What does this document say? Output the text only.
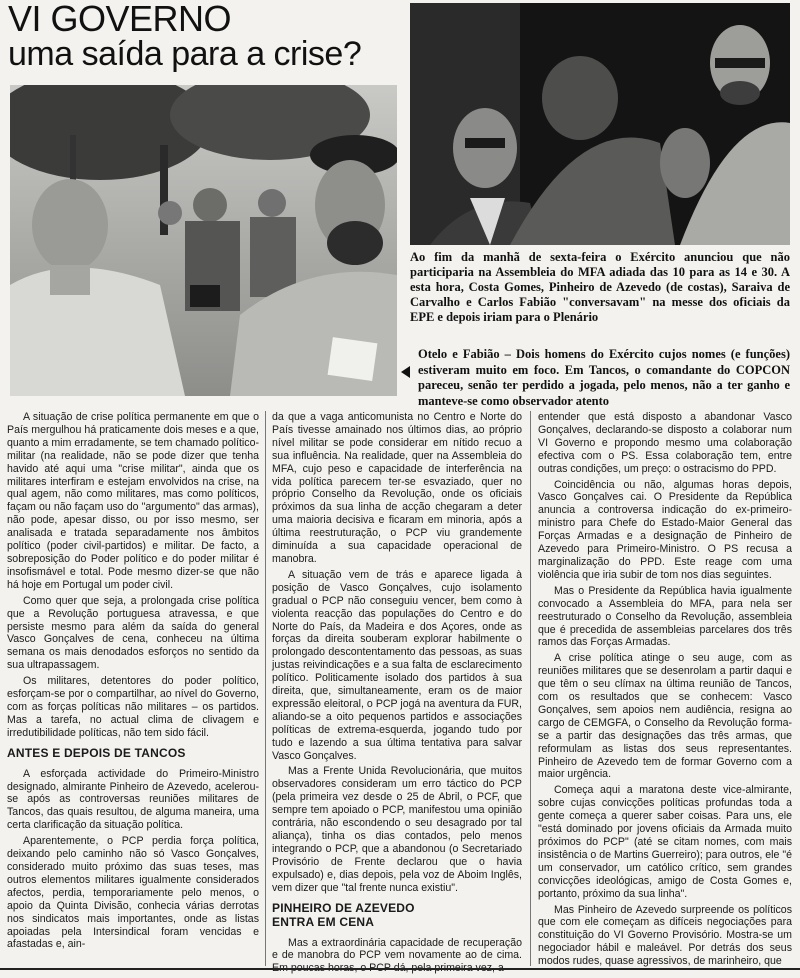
VI GOVERNO
uma saída para a crise?
Ao fim da manhã de sexta-feira o Exército anunciou que não participaria na Assembleia do MFA adiada das 10 para as 14 e 30. A esta hora, Costa Gomes, Pinheiro de Azevedo (de costas), Saraiva de Carvalho e Carlos Fabião "conversavam" na messe dos oficiais da EPE e depois iriam para o Plenário
Otelo e Fabião – Dois homens do Exército cujos nomes (e funções) estiveram muito em foco. Em Tancos, o comandante do COPCON pareceu, senão ter perdido a jogada, pelo menos, não a ter ganho e manteve-se como observador atento

A situação de crise política permanente em que o País mergulhou há praticamente dois meses e a que, quanto a mim erradamente, se tem chamado político-militar (na realidade, não se pode dizer que tenha havido até aqui uma "crise militar", ainda que os militares interfiram e estejam envolvidos na crise, na qual agem, não como militares, mas como políticos, façam ou não façam uso do "argumento" das armas), não pode, apesar disso, ou por isso mesmo, ser analisada e tratada separadamente nos âmbitos político (poder civil-partidos) e militar. De facto, a sobreposição do Poder político e do poder militar é insofismável e total. Pode mesmo dizer-se que não há hoje em Portugal um poder civil.

Como quer que seja, a prolongada crise política que a Revolução portuguesa atravessa, e que persiste mesmo para além da saída do general Vasco Gonçalves de cena, conheceu na última semana os mais denodados esforços no sentido da sua ultrapassagem.

Os militares, detentores do poder político, esforçam-se por o compartilhar, ao nível do Governo, com as forças políticas não militares – os partidos. Mas a tarefa, no actual clima de clivagem e irredutibilidade políticas, não tem sido fácil.

ANTES E DEPOIS DE TANCOS

A esforçada actividade do Primeiro-Ministro designado, almirante Pinheiro de Azevedo, acelerou-se após as controversas reuniões militares de Tancos, das quais resultou, de alguma maneira, uma certa clarificação da situação política.

Aparentemente, o PCP perdia força política, deixando pelo caminho não só Vasco Gonçalves, considerado muito próximo das suas teses, mas outros elementos militares igualmente considerados afectos, perdia, temporariamente pelo menos, o apoio da Quinta Divisão, conhecia várias derrotas nos sindicatos mais importantes, onde as listas apoiadas pela Intersindical foram vencidas e afastadas e, ain-

da que a vaga anticomunista no Centro e Norte do País tivesse amainado nos últimos dias, ao próprio nível militar se pode considerar em nítido recuo a sua influência. Na realidade, quer na Assembleia do MFA, cujo peso e capacidade de interferência na vida política parecem ter-se esvaziado, quer no próprio Conselho da Revolução, onde os oficiais próximos da sua linha de acção chegaram a deter uma maioria decisiva e ficaram em minoria, após a última reestruturação, o PCP viu grandemente diminuída a sua capacidade operacional de manobra.

A situação vem de trás e aparece ligada à posição de Vasco Gonçalves, cujo isolamento gradual o PCP não conseguiu vencer, bem como à violenta reacção das populações do Centro e do Norte do País, da Madeira e dos Açores, onde as forças da direita souberam explorar habilmente o prolongado descontentamento das pessoas, as suas justas reivindicações e a sua falta de esclarecimento político. Politicamente isolado dos partidos à sua direita, que, simultaneamente, eram os de maior expressão eleitoral, o PCP jogá na aventura da FUR, aliando-se a oito pequenos partidos e associações políticas de extrema-esquerda, jogando tudo por tudo e lazendo a sua última tentativa para salvar Vasco Gonçalves.

Mas a Frente Unida Revolucionária, que muitos observadores consideram um erro táctico do PCP (pela primeira vez desde o 25 de Abril, o PCF, que sempre tem apoiado o PCP, manifestou uma opinião contrária, não escondendo o seu desagrado por tal aliança), tinha os dias contados, pelo menos integrando o PCP, que a abandonou (o Secretariado Provisório de Frente declarou que o havia expulsado) e, dias depois, pela voz de Aboim Inglês, vem dizer que "tal frente nunca existiu".

PINHEIRO DE AZEVEDO
ENTRA EM CENA

Mas a extraordinária capacidade de recuperação e de manobra do PCP vem novamente ao de cima.

entender que está disposto a abandonar Vasco Gonçalves, declarando-se disposto a colaborar num VI Governo e propondo mesmo uma colaboração efectiva com o PS. Essa colaboração tem, entre outras condições, um preço: o ostracismo do PPD.

Coincidência ou não, algumas horas depois, Vasco Gonçalves cai. O Presidente da República anuncia a controversa indicação do ex-primeiro-ministro para Chefe do Estado-Maior General das Forças Armadas e a designação de Pinheiro de Azevedo para Primeiro-Ministro. O PS recusa a marginalização do PPD. Este reage com uma violência que iria subir de tom nos dias seguintes.

Mas o Presidente da República havia igualmente convocado a Assembleia do MFA, para nela ser reestruturado o Conselho da Revolução, assembleia que é precedida de assembleias parcelares dos três ramos das Forças Armadas.

A crise política atinge o seu auge, com as reuniões militares que se desenrolam a partir daqui e que têm o seu clímax na última reunião de Tancos, com os resultados que se conhecem: Vasco Gonçalves, sem apoios nem audiência, resigna ao cargo de CEMGFA, o Conselho da Revolução forma-se a partir das designações das três armas, que reformulam as listas dos seus representantes. Pinheiro de Azevedo tem de formar Governo com a maior urgência.

Começa aqui a maratona deste vice-almirante, sobre cujas convicções políticas profundas toda a gente começa a querer saber coisas. Para uns, ele "está dominado por jovens oficiais da Armada muito próximos do PCP" (até se citam nomes, com mais insistência o de Martins Guerreiro); para outros, ele "é um conservador, um católico crítico, sem grandes convicções ideológicas, amigo de Costa Gomes e, portanto, próximo da sua linha".

Mas Pinheiro de Azevedo surpreende os políticos que com ele começam as difíceis negociações para constituição do VI Governo Provisório. Mostra-se um negociador hábil e maleável. Por detrás dos seus modos rudes, quase agressivos, de marinheiro, que
